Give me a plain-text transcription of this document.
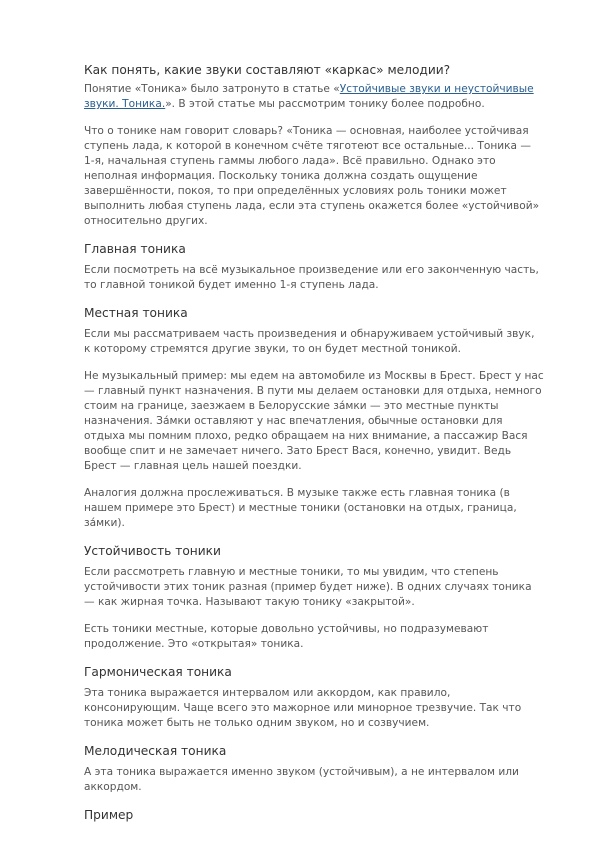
Как понять, какие звуки составляют «каркас» мелодии?

Понятие «Тоника» было затронуто в статье «Устойчивые звуки и неустойчивые звуки. Тоника.». В этой статье мы рассмотрим тонику более подробно.

Что о тонике нам говорит словарь? «Тоника — основная, наиболее устойчивая ступень лада, к которой в конечном счёте тяготеют все остальные... Тоника — 1-я, начальная ступень гаммы любого лада». Всё правильно. Однако это неполная информация. Поскольку тоника должна создать ощущение завершённости, покоя, то при определённых условиях роль тоники может выполнить любая ступень лада, если эта ступень окажется более «устойчивой» относительно других.

Главная тоника

Если посмотреть на всё музыкальное произведение или его законченную часть, то главной тоникой будет именно 1-я ступень лада.

Местная тоника

Если мы рассматриваем часть произведения и обнаруживаем устойчивый звук, к которому стремятся другие звуки, то он будет местной тоникой.

Не музыкальный пример: мы едем на автомобиле из Москвы в Брест. Брест у нас — главный пункт назначения. В пути мы делаем остановки для отдыха, немного стоим на границе, заезжаем в Белорусские за́мки — это местные пункты назначения. За́мки оставляют у нас впечатления, обычные остановки для отдыха мы помним плохо, редко обращаем на них внимание, а пассажир Вася вообще спит и не замечает ничего. Зато Брест Вася, конечно, увидит. Ведь Брест — главная цель нашей поездки.

Аналогия должна прослеживаться. В музыке также есть главная тоника (в нашем примере это Брест) и местные тоники (остановки на отдых, граница, за́мки).

Устойчивость тоники

Если рассмотреть главную и местные тоники, то мы увидим, что степень устойчивости этих тоник разная (пример будет ниже). В одних случаях тоника — как жирная точка. Называют такую тонику «закрытой».

Есть тоники местные, которые довольно устойчивы, но подразумевают продолжение. Это «открытая» тоника.

Гармоническая тоника

Эта тоника выражается интервалом или аккордом, как правило, консонирующим. Чаще всего это мажорное или минорное трезвучие. Так что тоника может быть не только одним звуком, но и созвучием.

Мелодическая тоника

А эта тоника выражается именно звуком (устойчивым), а не интервалом или аккордом.

Пример
